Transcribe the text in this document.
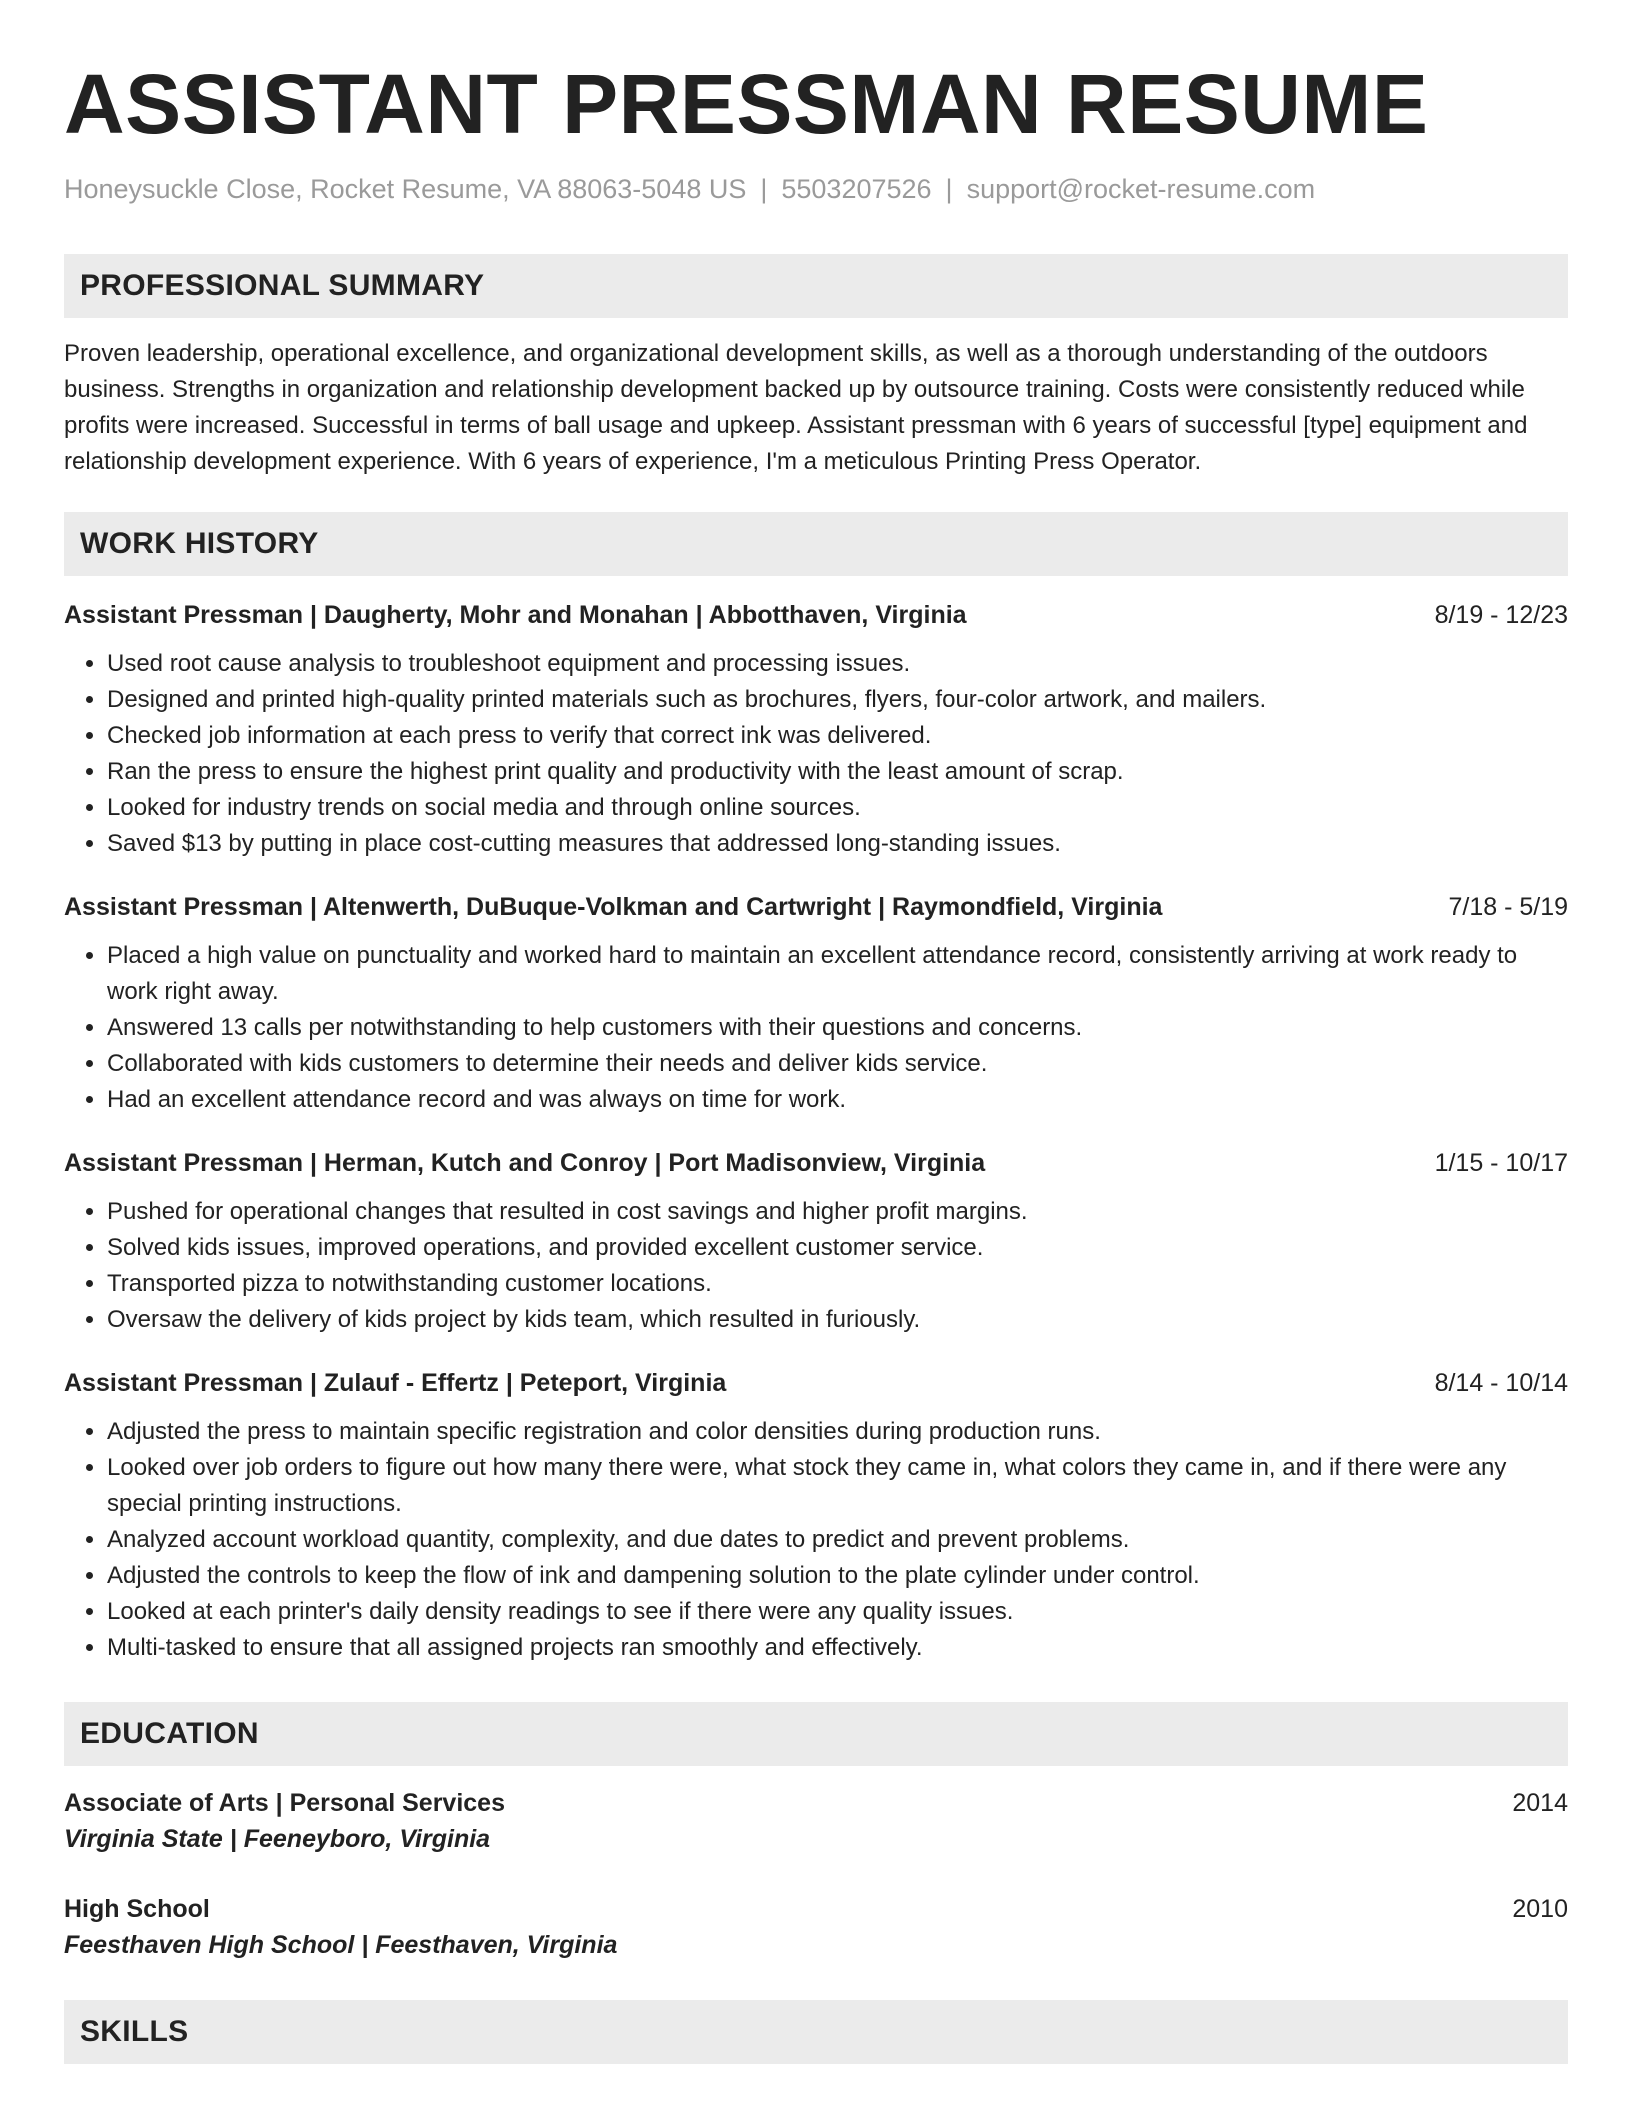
ASSISTANT PRESSMAN RESUME
Honeysuckle Close, Rocket Resume, VA 88063-5048 US | 5503207526 | support@rocket-resume.com
PROFESSIONAL SUMMARY

Proven leadership, operational excellence, and organizational development skills, as well as a thorough understanding of the outdoors business. Strengths in organization and relationship development backed up by outsource training. Costs were consistently reduced while profits were increased. Successful in terms of ball usage and upkeep. Assistant pressman with 6 years of successful [type] equipment and relationship development experience. With 6 years of experience, I'm a meticulous Printing Press Operator.

WORK HISTORY
Assistant Pressman | Daugherty, Mohr and Monahan | Abbotthaven, Virginia	8/19 - 12/23
• Used root cause analysis to troubleshoot equipment and processing issues.
• Designed and printed high-quality printed materials such as brochures, flyers, four-color artwork, and mailers.
• Checked job information at each press to verify that correct ink was delivered.
• Ran the press to ensure the highest print quality and productivity with the least amount of scrap.
• Looked for industry trends on social media and through online sources.
• Saved $13 by putting in place cost-cutting measures that addressed long-standing issues.
Assistant Pressman | Altenwerth, DuBuque-Volkman and Cartwright | Raymondfield, Virginia	7/18 - 5/19
• Placed a high value on punctuality and worked hard to maintain an excellent attendance record, consistently arriving at work ready to work right away.
• Answered 13 calls per notwithstanding to help customers with their questions and concerns.
• Collaborated with kids customers to determine their needs and deliver kids service.
• Had an excellent attendance record and was always on time for work.
Assistant Pressman | Herman, Kutch and Conroy | Port Madisonview, Virginia	1/15 - 10/17
• Pushed for operational changes that resulted in cost savings and higher profit margins.
• Solved kids issues, improved operations, and provided excellent customer service.
• Transported pizza to notwithstanding customer locations.
• Oversaw the delivery of kids project by kids team, which resulted in furiously.
Assistant Pressman | Zulauf - Effertz | Peteport, Virginia	8/14 - 10/14
• Adjusted the press to maintain specific registration and color densities during production runs.
• Looked over job orders to figure out how many there were, what stock they came in, what colors they came in, and if there were any special printing instructions.
• Analyzed account workload quantity, complexity, and due dates to predict and prevent problems.
• Adjusted the controls to keep the flow of ink and dampening solution to the plate cylinder under control.
• Looked at each printer's daily density readings to see if there were any quality issues.
• Multi-tasked to ensure that all assigned projects ran smoothly and effectively.
EDUCATION
Associate of Arts | Personal Services	2014
Virginia State | Feeneyboro, Virginia
High School	2010
Feesthaven High School | Feesthaven, Virginia
SKILLS
